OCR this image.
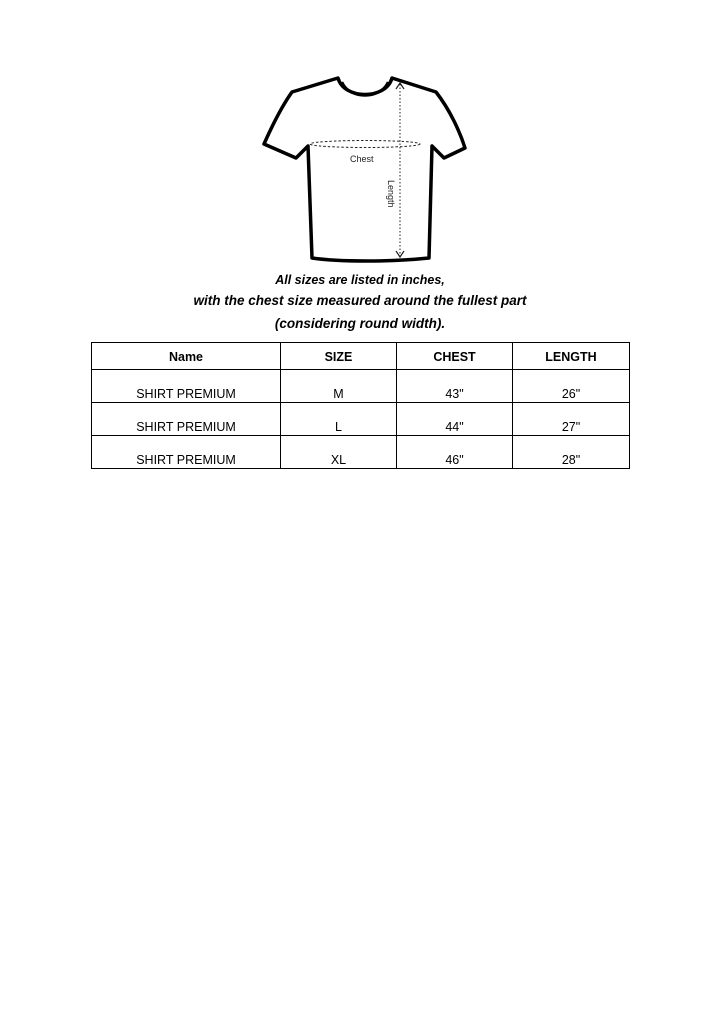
Chest
Length
All sizes are listed in inches,
with the chest size measured around the fullest part
(considering round width).
Name	SIZE	CHEST	LENGTH
SHIRT PREMIUM	M	43"	26"
SHIRT PREMIUM	L	44"	27"
SHIRT PREMIUM	XL	46"	28"
